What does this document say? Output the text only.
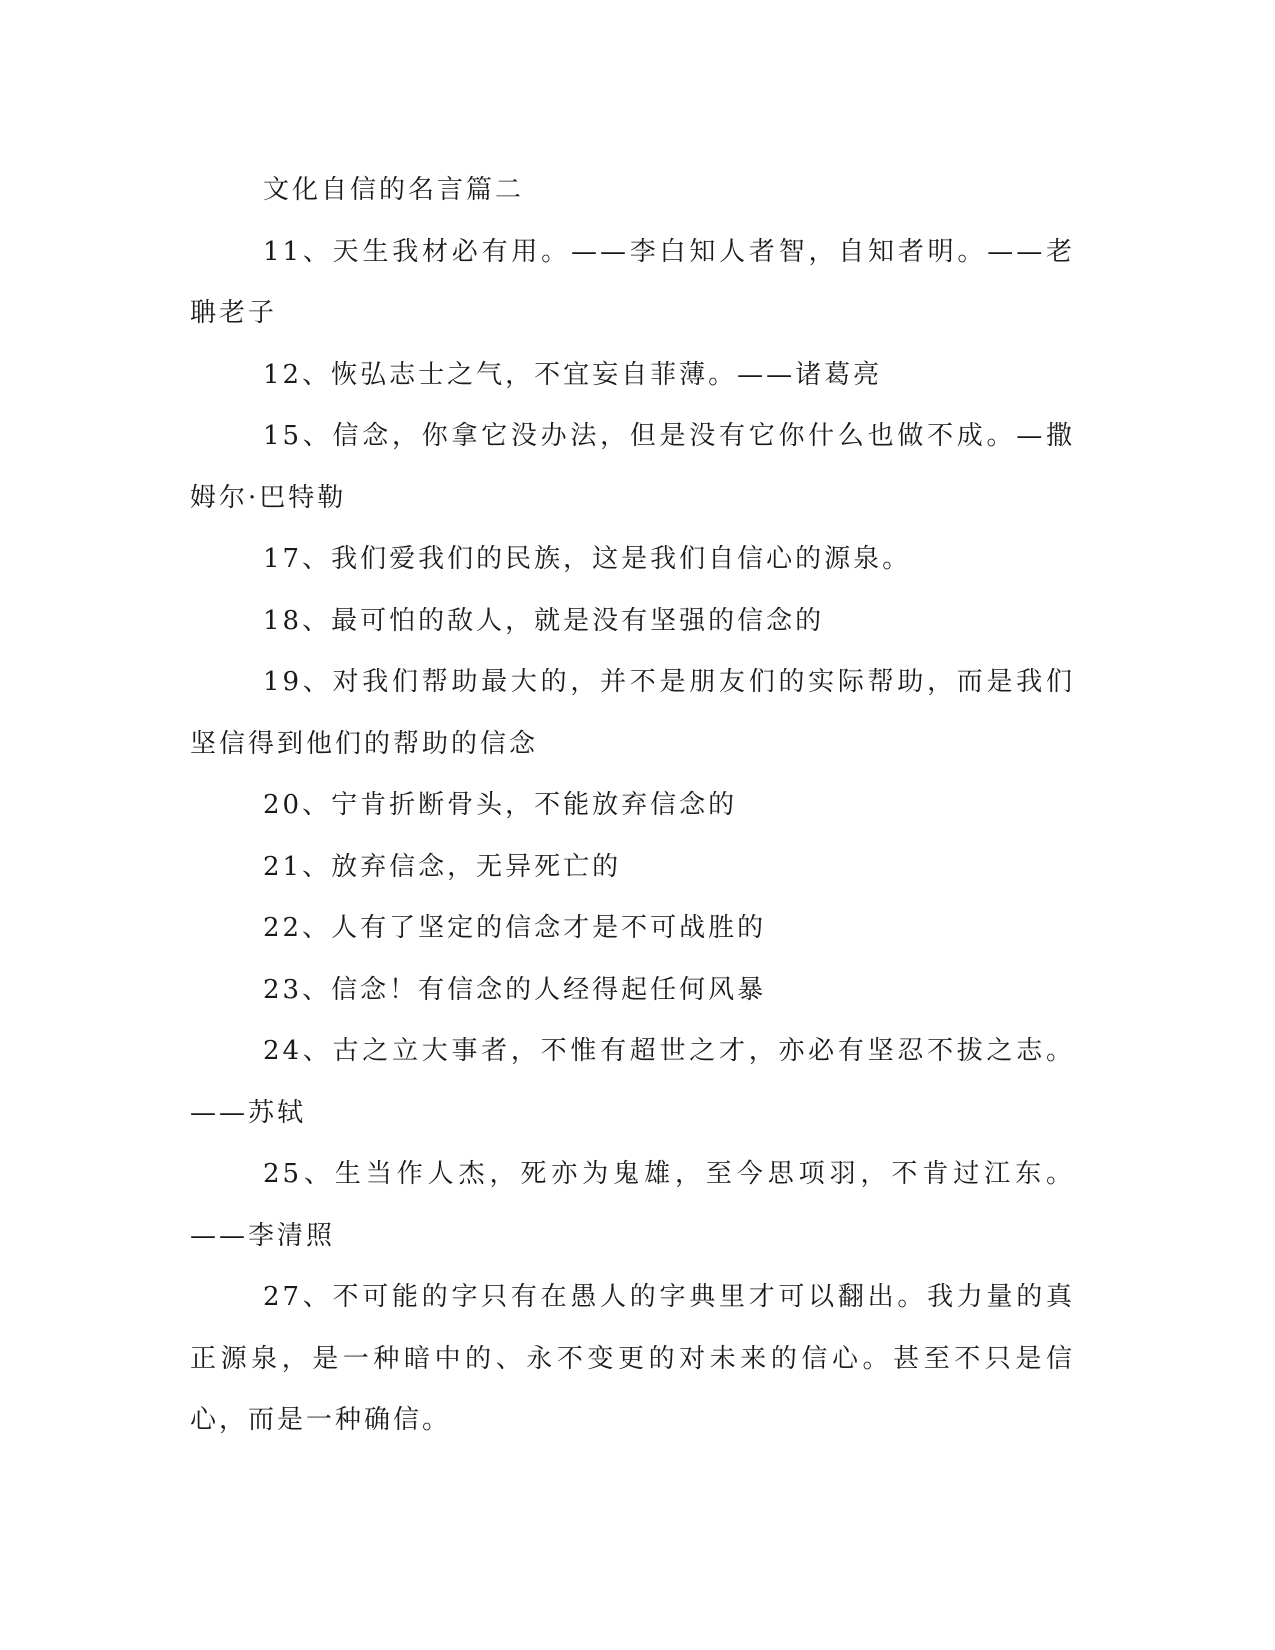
文化自信的名言篇二

11、天生我材必有用。——李白知人者智，自知者明。——老聃老子

12、恢弘志士之气，不宜妄自菲薄。——诸葛亮

15、信念，你拿它没办法，但是没有它你什么也做不成。—撒姆尔·巴特勒

17、我们爱我们的民族，这是我们自信心的源泉。

18、最可怕的敌人，就是没有坚强的信念的

19、对我们帮助最大的，并不是朋友们的实际帮助，而是我们坚信得到他们的帮助的信念

20、宁肯折断骨头，不能放弃信念的

21、放弃信念，无异死亡的

22、人有了坚定的信念才是不可战胜的

23、信念！有信念的人经得起任何风暴

24、古之立大事者，不惟有超世之才，亦必有坚忍不拔之志。——苏轼

25、生当作人杰，死亦为鬼雄，至今思项羽，不肯过江东。——李清照

27、不可能的字只有在愚人的字典里才可以翻出。我力量的真正源泉，是一种暗中的、永不变更的对未来的信心。甚至不只是信心，而是一种确信。
